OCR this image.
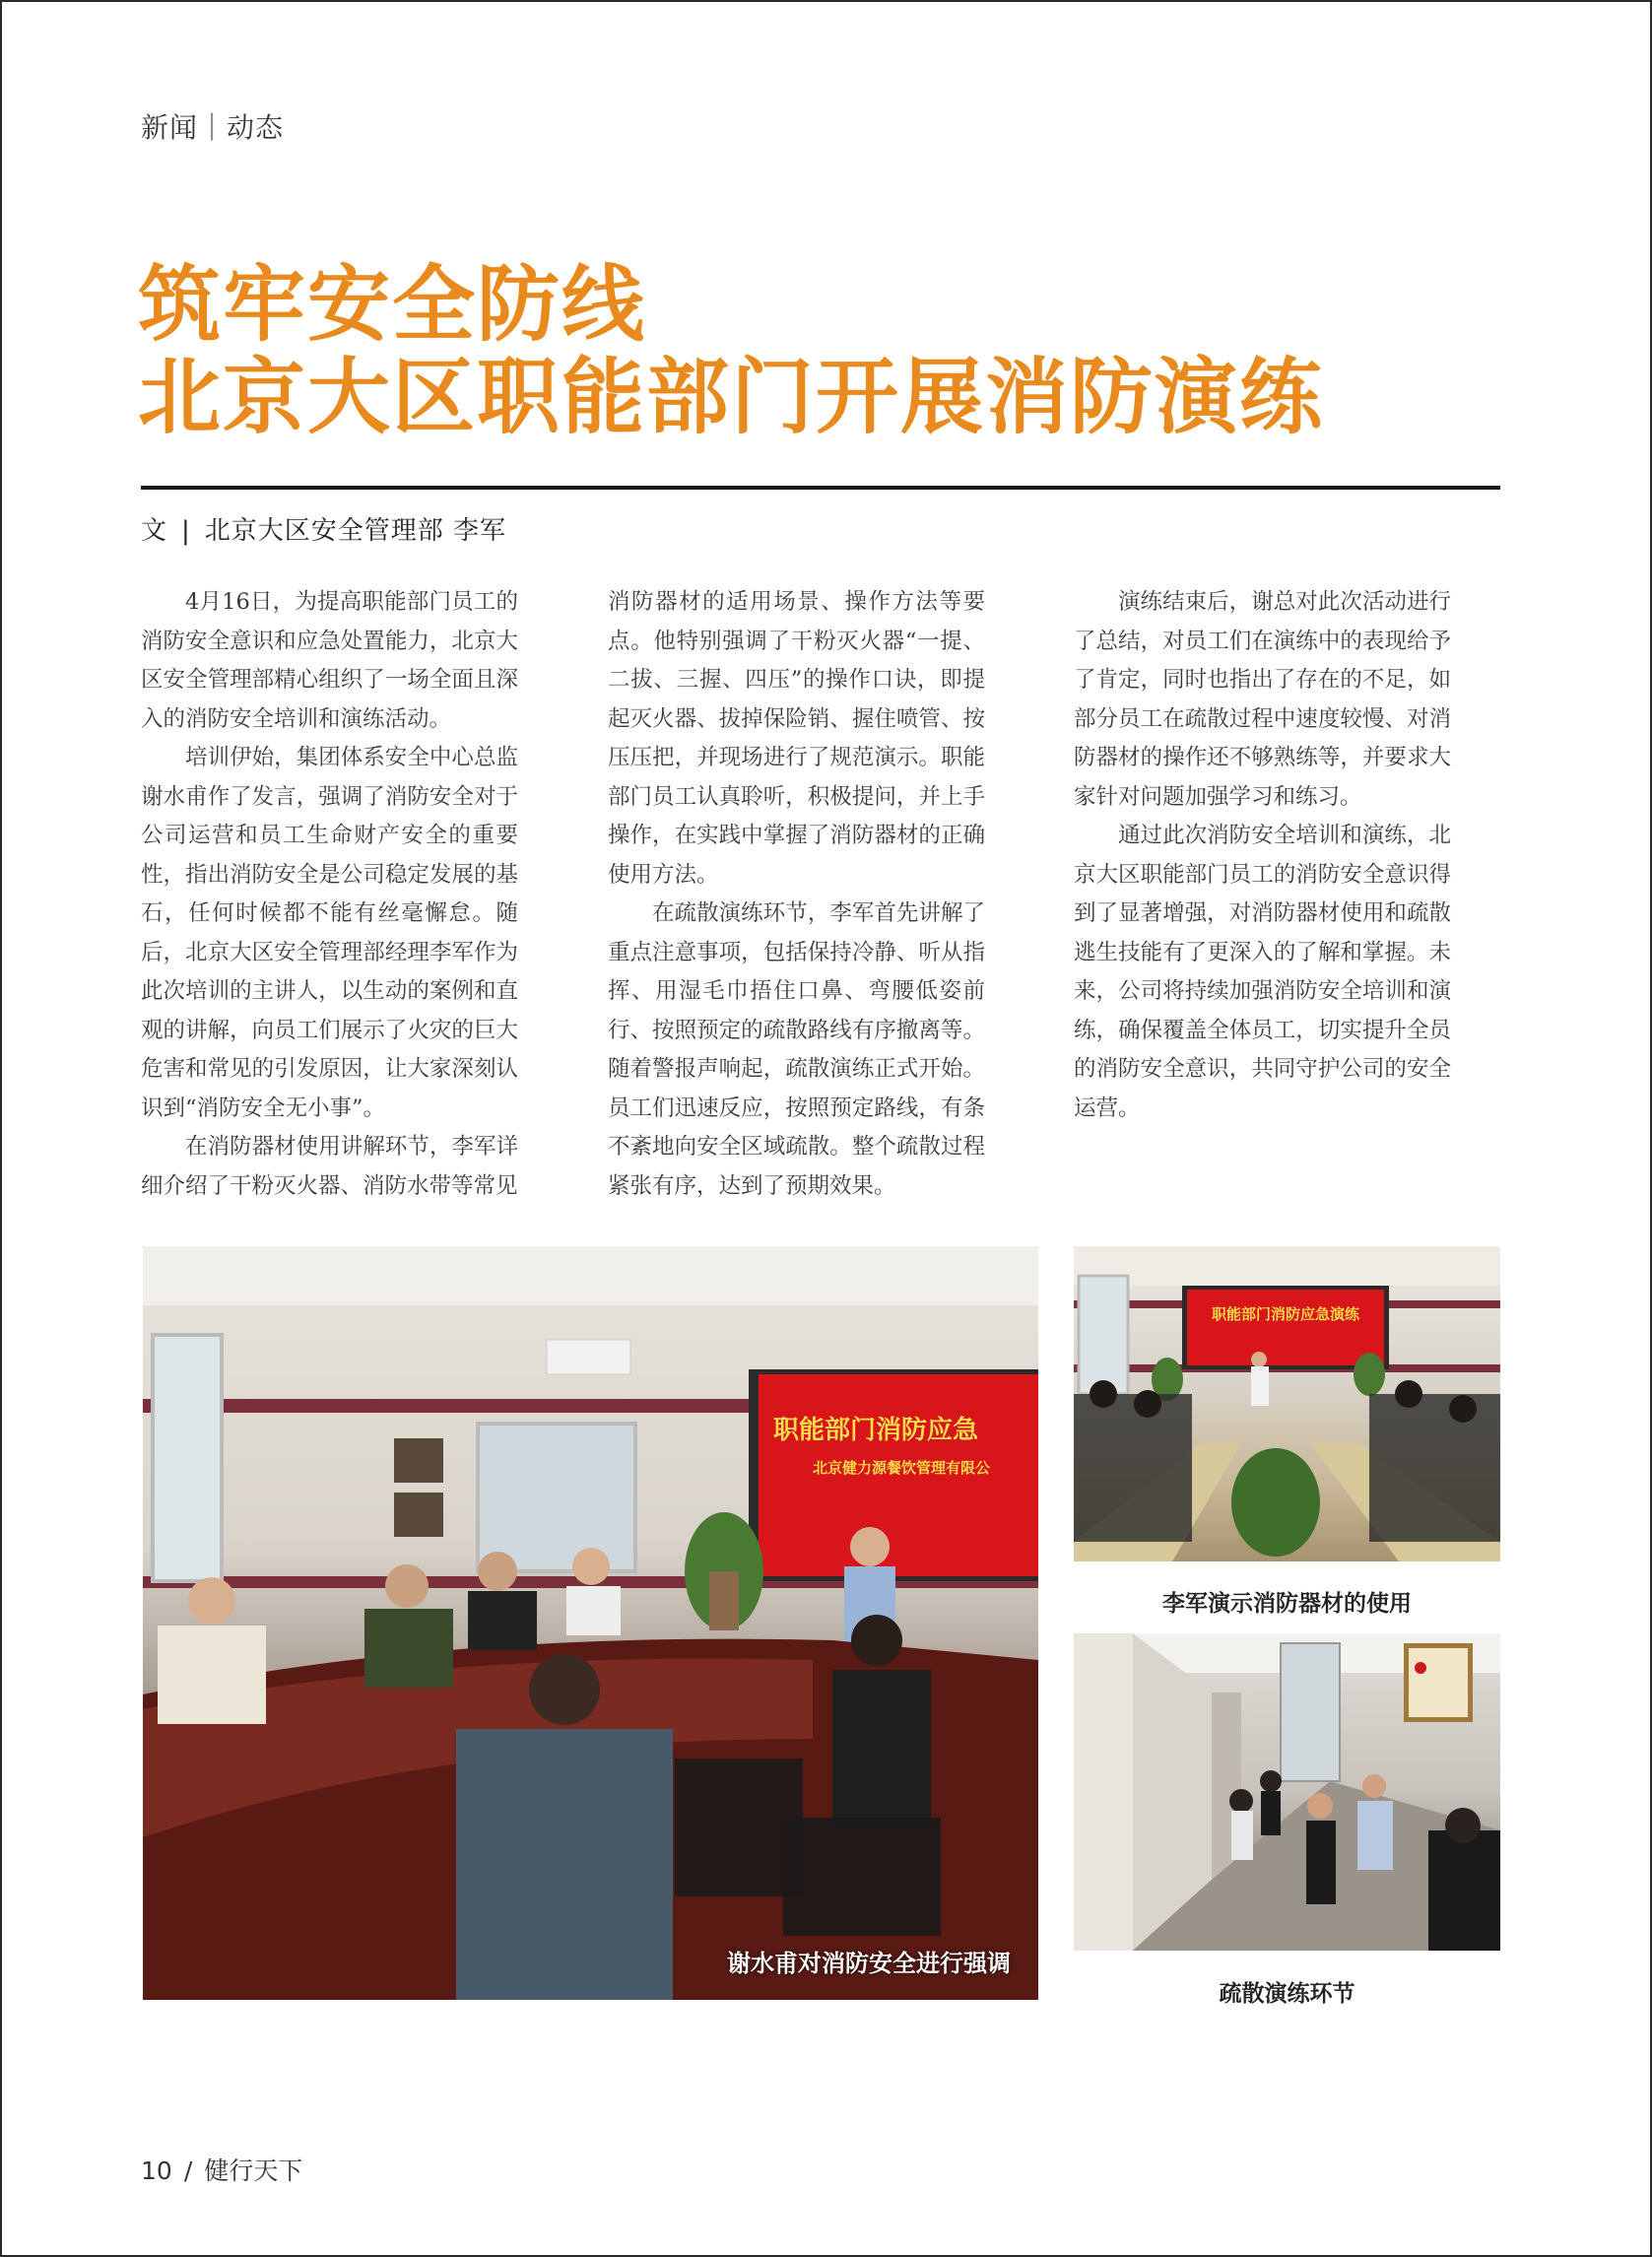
新闻｜动态
筑牢安全防线
北京大区职能部门开展消防演练
文 | 北京大区安全管理部 李军

4月16日，为提高职能部门员工的消防安全意识和应急处置能力，北京大区安全管理部精心组织了一场全面且深入的消防安全培训和演练活动。

培训伊始，集团体系安全中心总监谢水甫作了发言，强调了消防安全对于公司运营和员工生命财产安全的重要性，指出消防安全是公司稳定发展的基石，任何时候都不能有丝毫懈怠。随后，北京大区安全管理部经理李军作为此次培训的主讲人，以生动的案例和直观的讲解，向员工们展示了火灾的巨大危害和常见的引发原因，让大家深刻认识到“消防安全无小事”。

在消防器材使用讲解环节，李军详细介绍了干粉灭火器、消防水带等常见

消防器材的适用场景、操作方法等要点。他特别强调了干粉灭火器“一提、二拔、三握、四压”的操作口诀，即提起灭火器、拔掉保险销、握住喷管、按压压把，并现场进行了规范演示。职能部门员工认真聆听，积极提问，并上手操作，在实践中掌握了消防器材的正确使用方法。

在疏散演练环节，李军首先讲解了重点注意事项，包括保持冷静、听从指挥、用湿毛巾捂住口鼻、弯腰低姿前行、按照预定的疏散路线有序撤离等。随着警报声响起，疏散演练正式开始。员工们迅速反应，按照预定路线，有条不紊地向安全区域疏散。整个疏散过程紧张有序，达到了预期效果。

演练结束后，谢总对此次活动进行了总结，对员工们在演练中的表现给予了肯定，同时也指出了存在的不足，如部分员工在疏散过程中速度较慢、对消防器材的操作还不够熟练等，并要求大家针对问题加强学习和练习。

通过此次消防安全培训和演练，北京大区职能部门员工的消防安全意识得到了显著增强，对消防器材使用和疏散逃生技能有了更深入的了解和掌握。未来，公司将持续加强消防安全培训和演练，确保覆盖全体员工，切实提升全员的消防安全意识，共同守护公司的安全运营。

职能部门消防应急
北京健力源餐饮管理有限公
谢水甫对消防安全进行强调
职能部门消防应急演练
李军演示消防器材的使用
疏散演练环节
10 / 健行天下
